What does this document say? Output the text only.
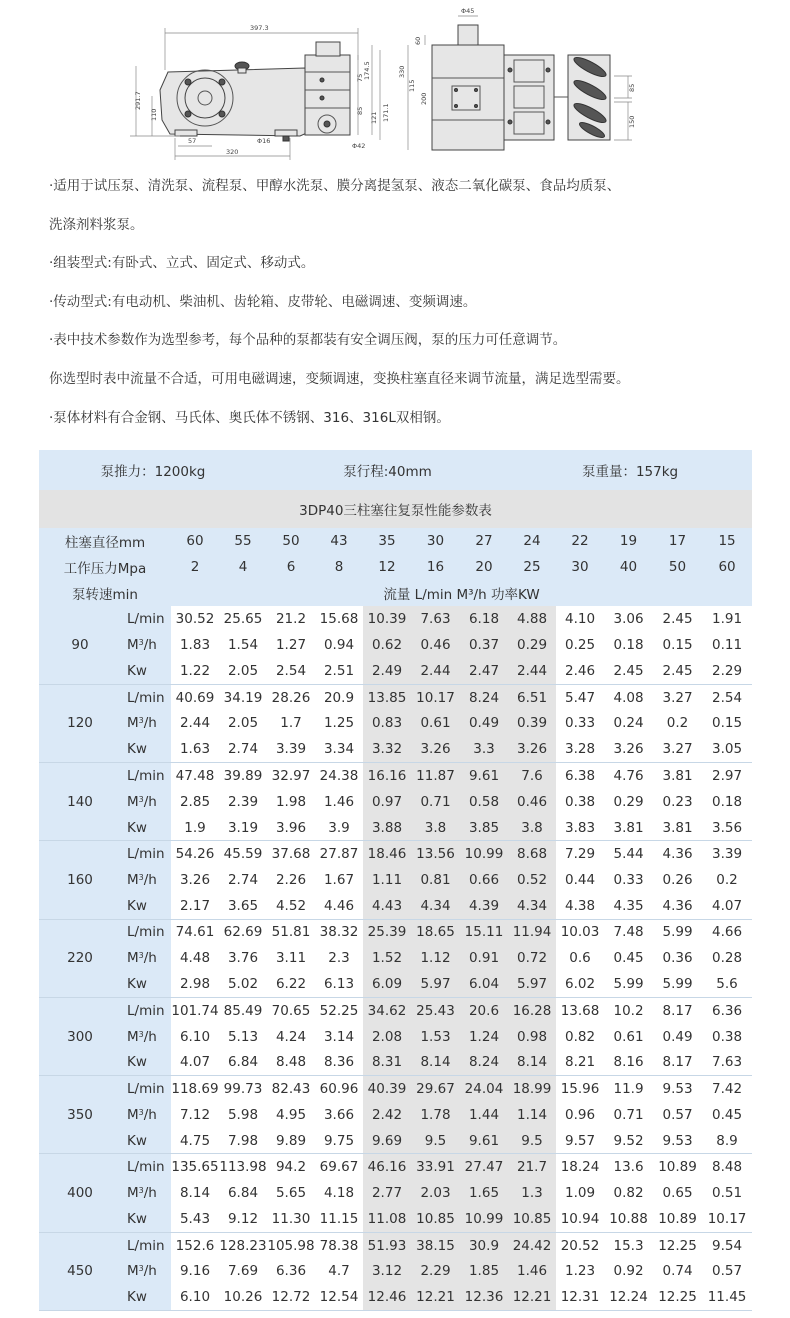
397.3
75 174.5
85
121 171.1
291.7
110
57
320
Φ16
Φ42
Φ45
60
330
115
200
85
150

·适用于试压泵、清洗泵、流程泵、甲醇水洗泵、膜分离提氢泵、液态二氧化碳泵、食品均质泵、

洗涤剂料浆泵。

·组装型式:有卧式、立式、固定式、移动式。

·传动型式:有电动机、柴油机、齿轮箱、皮带轮、电磁调速、变频调速。

·表中技术参数作为选型参考，每个品种的泵都装有安全调压阀，泵的压力可任意调节。

你选型时表中流量不合适，可用电磁调速，变频调速，变换柱塞直径来调节流量，满足选型需要。

·泵体材料有合金钢、马氏体、奥氏体不锈钢、316、316L双相钢。

泵推力：1200kg				泵行程:40mm					泵重量：157kg				
3DP40三柱塞往复泵性能参数表													
柱塞直径mm		60	55	50	43	35	30	27	24	22	19	17	15
工作压力Mpa		2	4	6	8	12	16	20	25	30	40	50	60
泵转速min		流量 L/min M³/h 功率KW											
90	L/min	30.52	25.65	21.2	15.68	10.39	7.63	6.18	4.88	4.10	3.06	2.45	1.91
	$M^3/h$	1.83	1.54	1.27	0.94	0.62	0.46	0.37	0.29	0.25	0.18	0.15	0.11
	Kw	1.22	2.05	2.54	2.51	2.49	2.44	2.47	2.44	2.46	2.45	2.45	2.29
120	L/min	40.69	34.19	28.26	20.9	13.85	10.17	8.24	6.51	5.47	4.08	3.27	2.54
	$M^3/h$	2.44	2.05	1.7	1.25	0.83	0.61	0.49	0.39	0.33	0.24	0.2	0.15
	Kw	1.63	2.74	3.39	3.34	3.32	3.26	3.3	3.26	3.28	3.26	3.27	3.05
140	L/min	47.48	39.89	32.97	24.38	16.16	11.87	9.61	7.6	6.38	4.76	3.81	2.97
	$M^3/h$	2.85	2.39	1.98	1.46	0.97	0.71	0.58	0.46	0.38	0.29	0.23	0.18
	Kw	1.9	3.19	3.96	3.9	3.88	3.8	3.85	3.8	3.83	3.81	3.81	3.56
160	L/min	54.26	45.59	37.68	27.87	18.46	13.56	10.99	8.68	7.29	5.44	4.36	3.39
	$M^3/h$	3.26	2.74	2.26	1.67	1.11	0.81	0.66	0.52	0.44	0.33	0.26	0.2
	Kw	2.17	3.65	4.52	4.46	4.43	4.34	4.39	4.34	4.38	4.35	4.36	4.07
220	L/min	74.61	62.69	51.81	38.32	25.39	18.65	15.11	11.94	10.03	7.48	5.99	4.66
	$M^3/h$	4.48	3.76	3.11	2.3	1.52	1.12	0.91	0.72	0.6	0.45	0.36	0.28
	Kw	2.98	5.02	6.22	6.13	6.09	5.97	6.04	5.97	6.02	5.99	5.99	5.6
300	L/min	101.74	85.49	70.65	52.25	34.62	25.43	20.6	16.28	13.68	10.2	8.17	6.36
	$M^3/h$	6.10	5.13	4.24	3.14	2.08	1.53	1.24	0.98	0.82	0.61	0.49	0.38
	Kw	4.07	6.84	8.48	8.36	8.31	8.14	8.24	8.14	8.21	8.16	8.17	7.63
350	L/min	118.69	99.73	82.43	60.96	40.39	29.67	24.04	18.99	15.96	11.9	9.53	7.42
	$M^3/h$	7.12	5.98	4.95	3.66	2.42	1.78	1.44	1.14	0.96	0.71	0.57	0.45
	Kw	4.75	7.98	9.89	9.75	9.69	9.5	9.61	9.5	9.57	9.52	9.53	8.9
400	L/min	135.65	113.98	94.2	69.67	46.16	33.91	27.47	21.7	18.24	13.6	10.89	8.48
	$M^3/h$	8.14	6.84	5.65	4.18	2.77	2.03	1.65	1.3	1.09	0.82	0.65	0.51
	Kw	5.43	9.12	11.30	11.15	11.08	10.85	10.99	10.85	10.94	10.88	10.89	10.17
450	L/min	152.6	128.23	105.98	78.38	51.93	38.15	30.9	24.42	20.52	15.3	12.25	9.54
	$M^3/h$	9.16	7.69	6.36	4.7	3.12	2.29	1.85	1.46	1.23	0.92	0.74	0.57
	Kw	6.10	10.26	12.72	12.54	12.46	12.21	12.36	12.21	12.31	12.24	12.25	11.45
